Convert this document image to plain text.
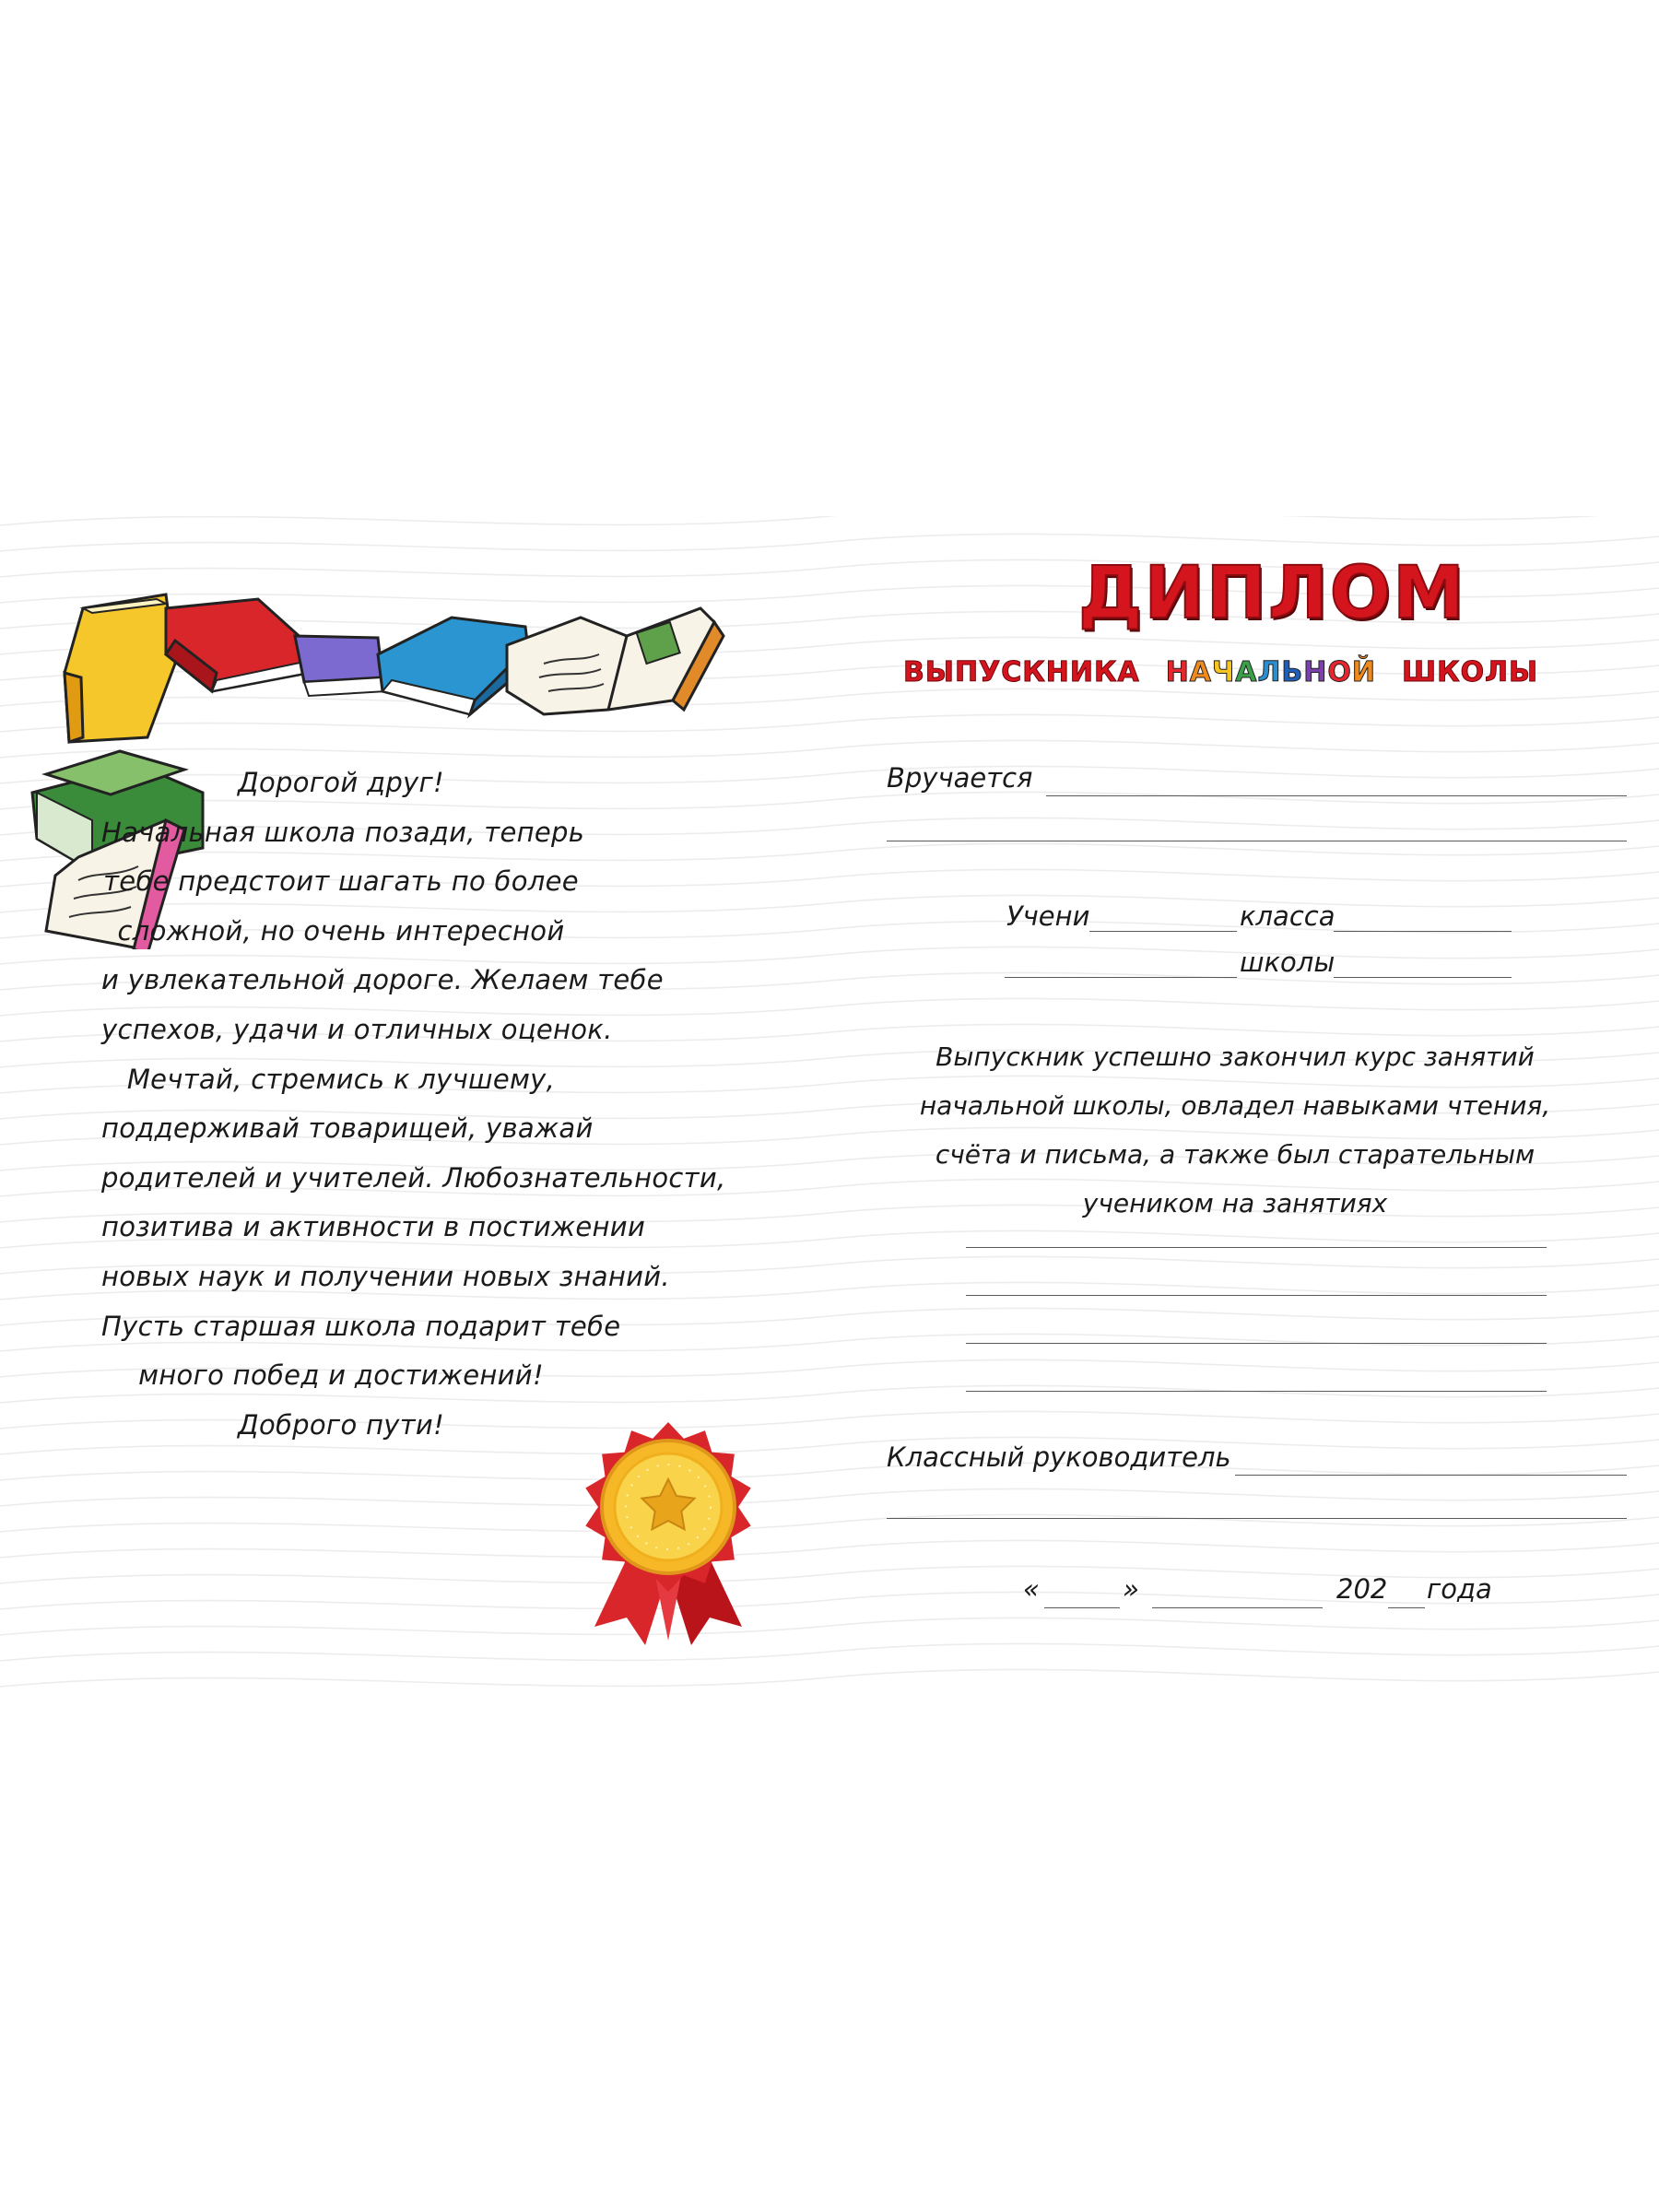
Дорогой друг!
Начальная школа позади, теперь
тебе предстоит шагать по более
сложной, но очень интересной
и увлекательной дороге. Желаем тебе
успехов, удачи и отличных оценок.
Мечтай, стремись к лучшему,
поддерживай товарищей, уважай
родителей и учителей. Любознательности,
позитива и активности в постижении
новых наук и получении новых знаний.
Пусть старшая школа подарит тебе
много побед и достижений!
Доброго пути!
ДИПЛОМ
ВЫПУСКНИКА НАЧАЛЬНОЙ ШКОЛЫ
Вручается
Учени	класса
школы
Выпускник успешно закончил курс занятий
начальной школы, овладел навыками чтения,
счёта и письма, а также был старательным
учеником на занятиях
Классный руководитель
«	»	202 года
